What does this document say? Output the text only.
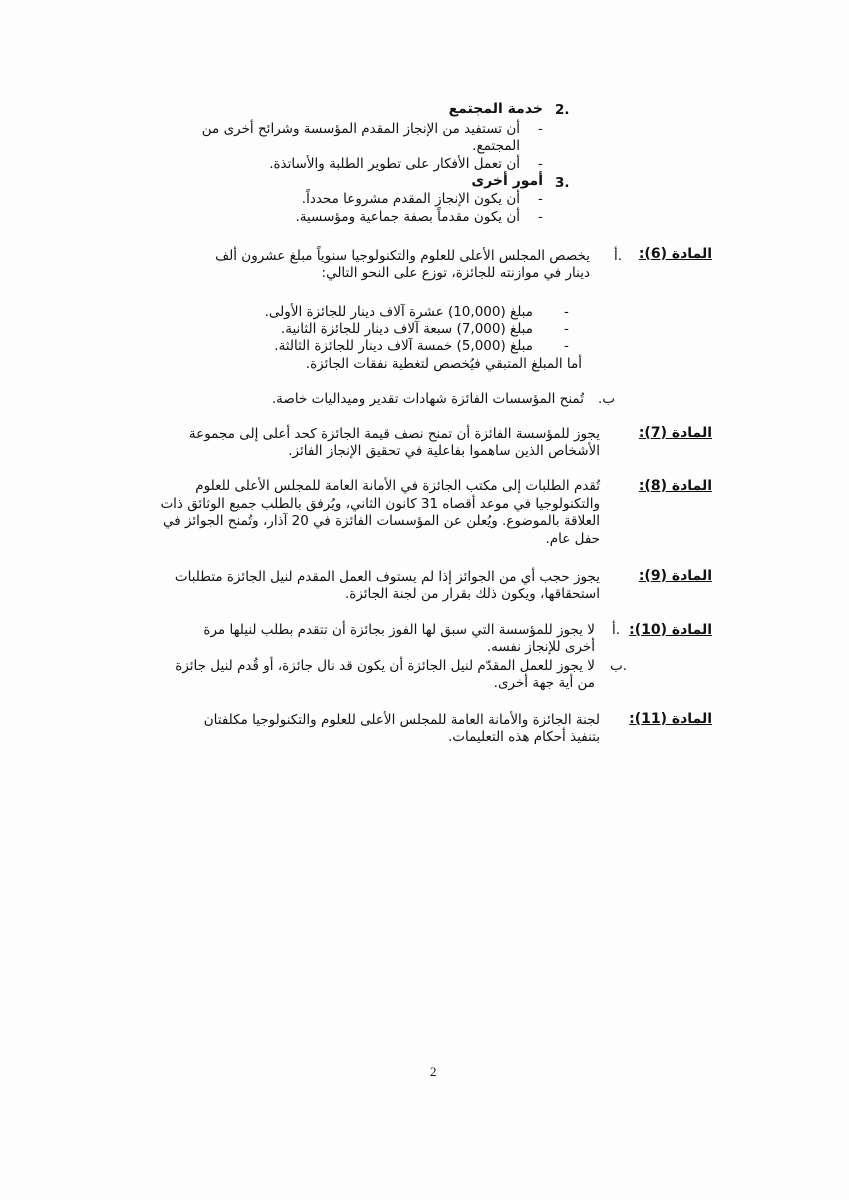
2.
خدمة المجتمع
-
أن تستفيد من الإنجاز المقدم المؤسسة وشرائح أخرى من
المجتمع.
-
أن تعمل الأفكار على تطوير الطلبة والأساتذة.
3.
أمور أخرى
-
أن يكون الإنجاز المقدم مشروعا محدداً.
-
أن يكون مقدماً بصفة جماعية ومؤسسية.
المادة (6):
أ.
يخصص المجلس الأعلى للعلوم والتكنولوجيا سنوياً مبلغ عشرون ألف
دينار في موازنته للجائزة، توزع على النحو التالي:
-
مبلغ (10,000) عشرة آلاف دينار للجائزة الأولى.
-
مبلغ (7,000) سبعة آلاف دينار للجائزة الثانية.
-
مبلغ (5,000) خمسة آلاف دينار للجائزة الثالثة.
أما المبلغ المتبقي فيُخصص لتغطية نفقات الجائزة.
ب.
تُمنح المؤسسات الفائزة شهادات تقدير وميداليات خاصة.
المادة (7):
يجوز للمؤسسة الفائزة أن تمنح نصف قيمة الجائزة كحد أعلى إلى مجموعة
الأشخاص الذين ساهموا بفاعلية في تحقيق الإنجاز الفائز.
المادة (8):
تُقدم الطلبات إلى مكتب الجائزة في الأمانة العامة للمجلس الأعلى للعلوم
والتكنولوجيا في موعد أقصاه 31 كانون الثاني، ويُرفق بالطلب جميع الوثائق ذات
العلاقة بالموضوع. ويُعلن عن المؤسسات الفائزة في 20 آذار، وتُمنح الجوائز في
حفل عام.
المادة (9):
يجوز حجب أي من الجوائز إذا لم يستوف العمل المقدم لنيل الجائزة متطلبات
استحقاقها، ويكون ذلك بقرار من لجنة الجائزة.
المادة (10):
أ.
لا يجوز للمؤسسة التي سبق لها الفوز بجائزة أن تتقدم بطلب لنيلها مرة
أخرى للإنجاز نفسه.
ب.
لا يجوز للعمل المقدّم لنيل الجائزة أن يكون قد نال جائزة، أو قُدم لنيل جائزة
من أية جهة أخرى.
المادة (11):
لجنة الجائزة والأمانة العامة للمجلس الأعلى للعلوم والتكنولوجيا مكلفتان
بتنفيذ أحكام هذه التعليمات.
2
